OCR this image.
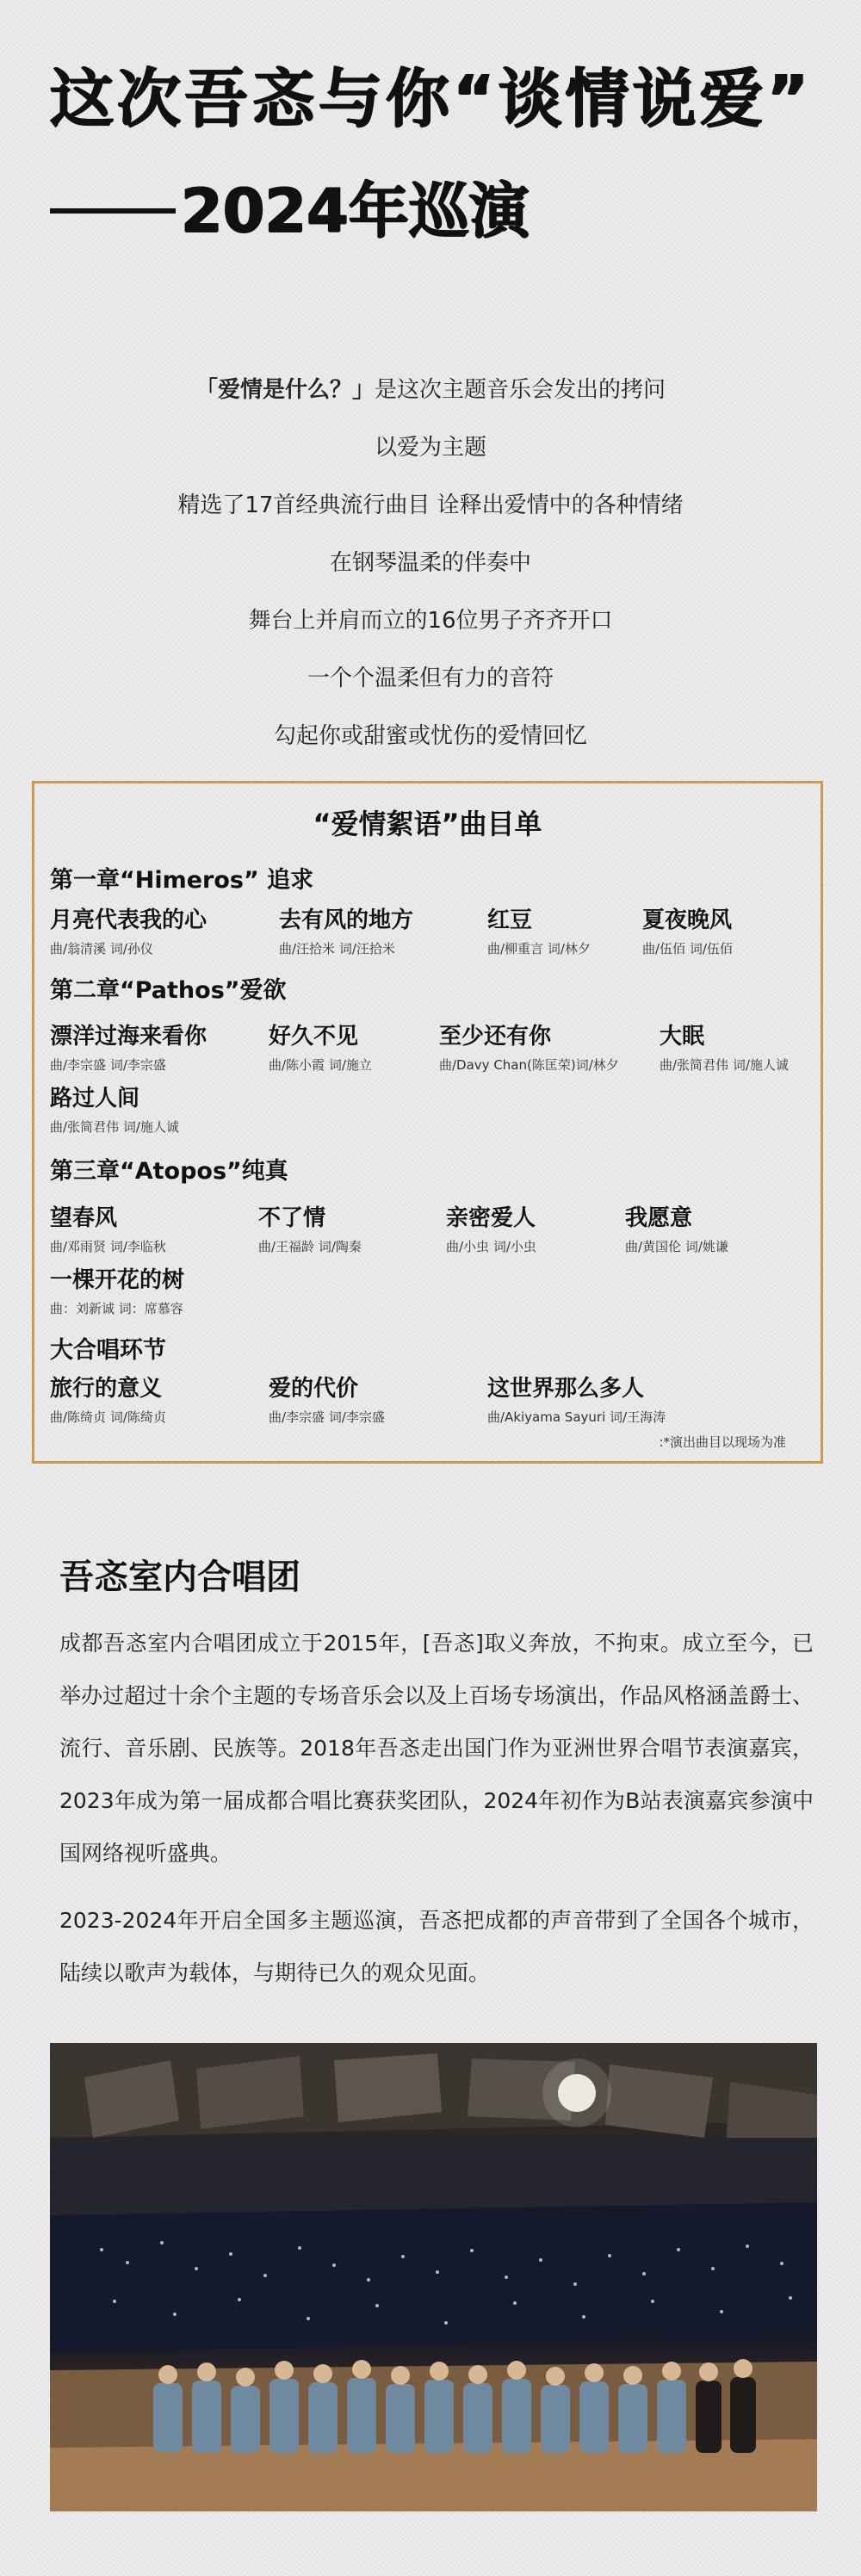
这次吾忞与你“谈情说爱”
2024年巡演

「爱情是什么？」是这次主题音乐会发出的拷问

以爱为主题

精选了17首经典流行曲目 诠释出爱情中的各种情绪

在钢琴温柔的伴奏中

舞台上并肩而立的16位男子齐齐开口

一个个温柔但有力的音符

勾起你或甜蜜或忧伤的爱情回忆

“爱情絮语”曲目单
第一章“Himeros” 追求
月亮代表我的心
曲/翁清溪 词/孙仪
去有风的地方
曲/汪拾米 词/汪拾米
红豆
曲/柳重言 词/林夕
夏夜晚风
曲/伍佰 词/伍佰
第二章“Pathos”爱欲
漂洋过海来看你
曲/李宗盛 词/李宗盛
好久不见
曲/陈小霞 词/施立
至少还有你
曲/Davy Chan(陈匡荣)词/林夕
大眠
曲/张简君伟 词/施人诚
路过人间
曲/张简君伟 词/施人诚
第三章“Atopos”纯真
望春风
曲/邓雨贤 词/李临秋
不了情
曲/王福龄 词/陶秦
亲密爱人
曲/小虫 词/小虫
我愿意
曲/黄国伦 词/姚谦
一棵开花的树
曲：刘新诚 词：席慕容
大合唱环节
旅行的意义
曲/陈绮贞 词/陈绮贞
爱的代价
曲/李宗盛 词/李宗盛
这世界那么多人
曲/Akiyama Sayuri 词/王海涛
:*演出曲目以现场为准
吾忞室内合唱团

成都吾忞室内合唱团成立于2015年，[吾忞]取义奔放，不拘束。成立至今，已举办过超过十余个主题的专场音乐会以及上百场专场演出，作品风格涵盖爵士、流行、音乐剧、民族等。2018年吾忞走出国门作为亚洲世界合唱节表演嘉宾，2023年成为第一届成都合唱比赛获奖团队，2024年初作为B站表演嘉宾参演中国网络视听盛典。

2023-2024年开启全国多主题巡演，吾忞把成都的声音带到了全国各个城市，陆续以歌声为载体，与期待已久的观众见面。
